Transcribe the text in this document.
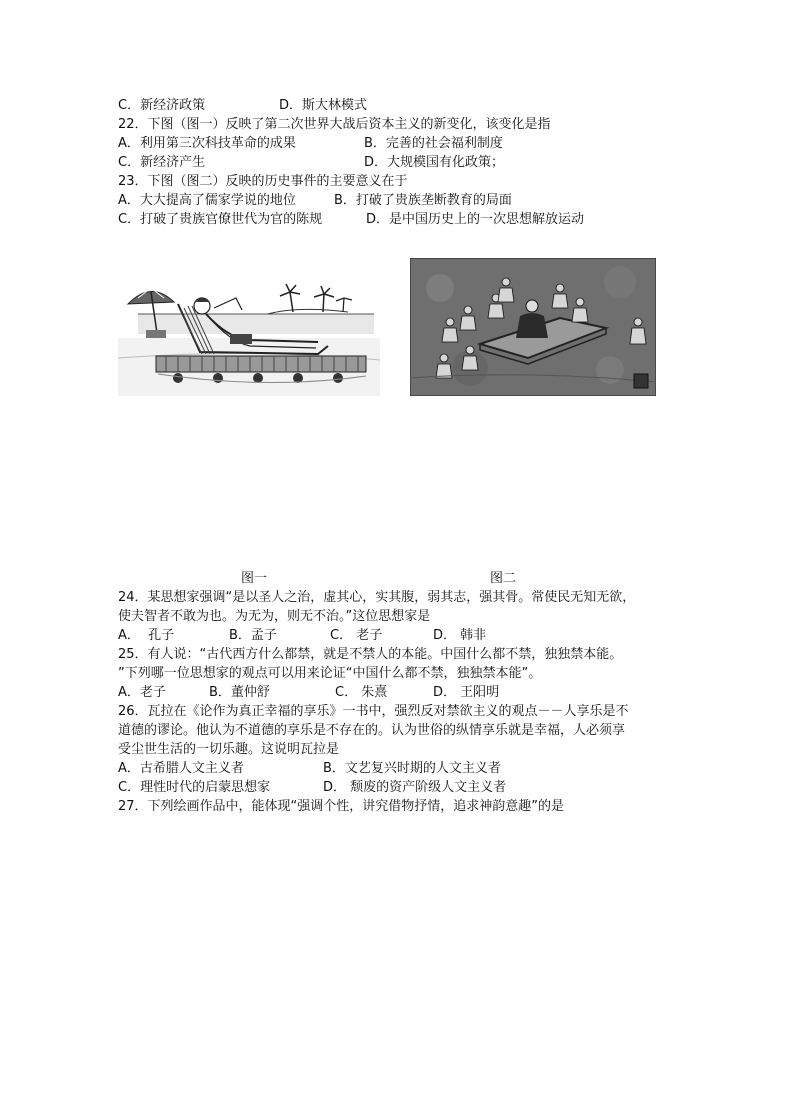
C．新经济政策	D．斯大林模式
22．下图（图一）反映了第二次世界大战后资本主义的新变化，该变化是指
A．利用第三次科技革命的成果	B．完善的社会福利制度
C．新经济产生	D．大规模国有化政策；
23．下图（图二）反映的历史事件的主要意义在于
A．大大提高了儒家学说的地位	B．打破了贵族垄断教育的局面
C．打破了贵族官僚世代为官的陈规	D．是中国历史上的一次思想解放运动
图一	图二
24．某思想家强调“是以圣人之治，虚其心，实其腹，弱其志，强其骨。常使民无知无欲，
使夫智者不敢为也。为无为，则无不治。”这位思想家是
A．  孔子	B．孟子	C． 老子	D． 韩非
25．有人说：“古代西方什么都禁，就是不禁人的本能。中国什么都不禁，独独禁本能。
”下列哪一位思想家的观点可以用来论证“中国什么都不禁，独独禁本能”。
A．老子	B．董仲舒	C． 朱熹	D． 王阳明
26．瓦拉在《论作为真正幸福的享乐》一书中，强烈反对禁欲主义的观点－－人享乐是不
道德的谬论。他认为不道德的享乐是不存在的。认为世俗的纵情享乐就是幸福，人必须享
受尘世生活的一切乐趣。这说明瓦拉是
A．古希腊人文主义者	B．文艺复兴时期的人文主义者
C．理性时代的启蒙思想家	D． 颓废的资产阶级人文主义者
27．下列绘画作品中，能体现“强调个性，讲究借物抒情，追求神韵意趣”的是
